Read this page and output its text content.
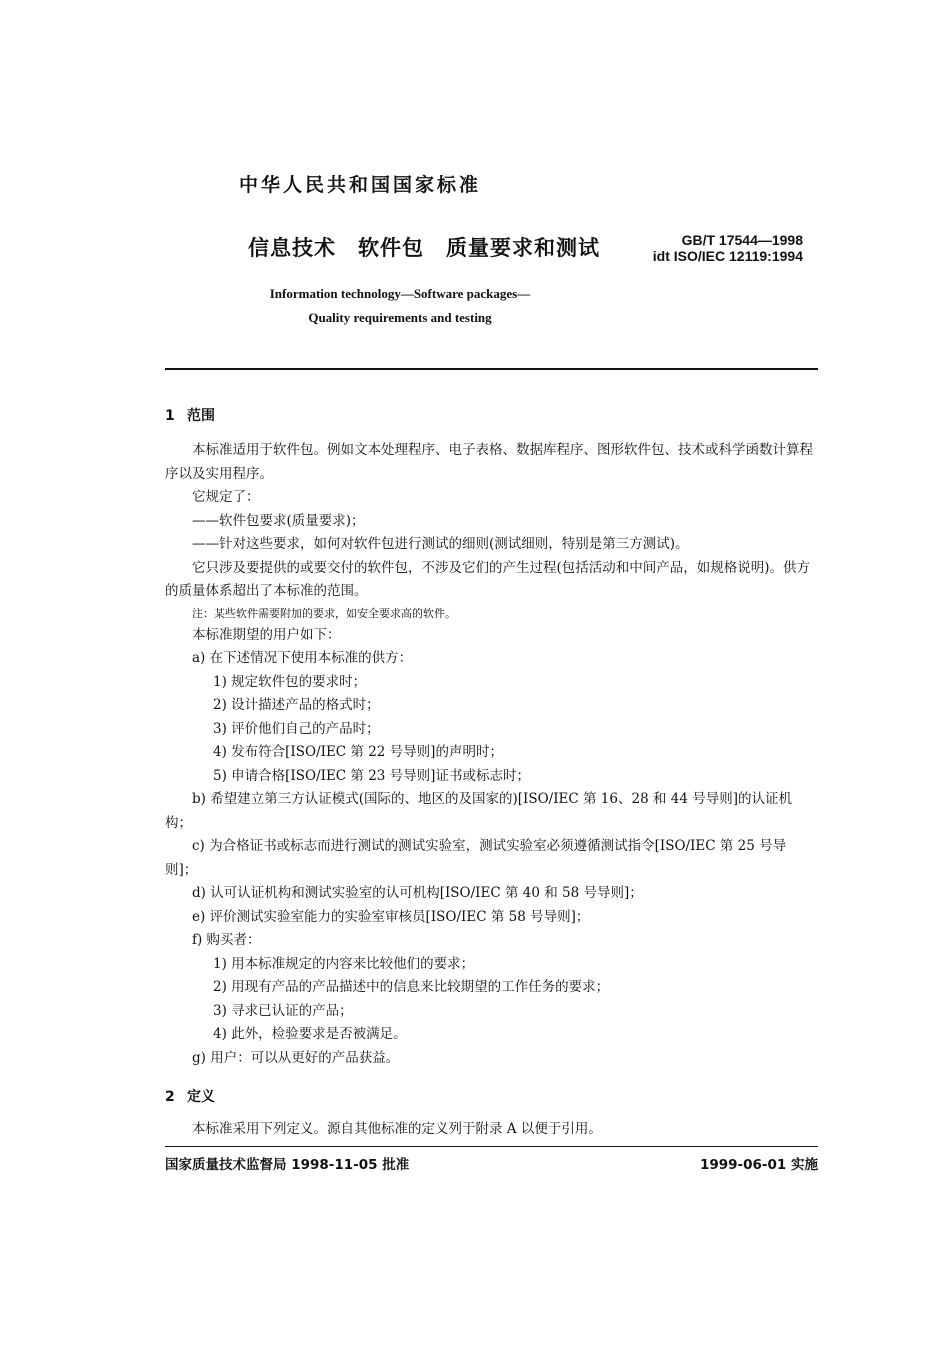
中华人民共和国国家标准
信息技术　软件包　质量要求和测试	GB/T 17544—1998
idt ISO/IEC 12119:1994
Information technology—Software packages—
Quality requirements and testing
1 范围
本标准适用于软件包。例如文本处理程序、电子表格、数据库程序、图形软件包、技术或科学函数计算程序以及实用程序。
它规定了：
——软件包要求(质量要求)；
——针对这些要求，如何对软件包进行测试的细则(测试细则，特别是第三方测试)。
它只涉及要提供的或要交付的软件包，不涉及它们的产生过程(包括活动和中间产品，如规格说明)。供方的质量体系超出了本标准的范围。
注：某些软件需要附加的要求，如安全要求高的软件。
本标准期望的用户如下：
a) 在下述情况下使用本标准的供方：
1) 规定软件包的要求时；
2) 设计描述产品的格式时；
3) 评价他们自己的产品时；
4) 发布符合[ISO/IEC 第 22 号导则]的声明时；
5) 申请合格[ISO/IEC 第 23 号导则]证书或标志时；
b) 希望建立第三方认证模式(国际的、地区的及国家的)[ISO/IEC 第 16、28 和 44 号导则]的认证机构；
c) 为合格证书或标志而进行测试的测试实验室，测试实验室必须遵循测试指令[ISO/IEC 第 25 号导则]；
d) 认可认证机构和测试实验室的认可机构[ISO/IEC 第 40 和 58 号导则]；
e) 评价测试实验室能力的实验室审核员[ISO/IEC 第 58 号导则]；
f) 购买者：
1) 用本标准规定的内容来比较他们的要求；
2) 用现有产品的产品描述中的信息来比较期望的工作任务的要求；
3) 寻求已认证的产品；
4) 此外，检验要求是否被满足。
g) 用户：可以从更好的产品获益。
2 定义
本标准采用下列定义。源自其他标准的定义列于附录 A 以便于引用。
国家质量技术监督局 1998-11-05 批准	1999-06-01 实施
